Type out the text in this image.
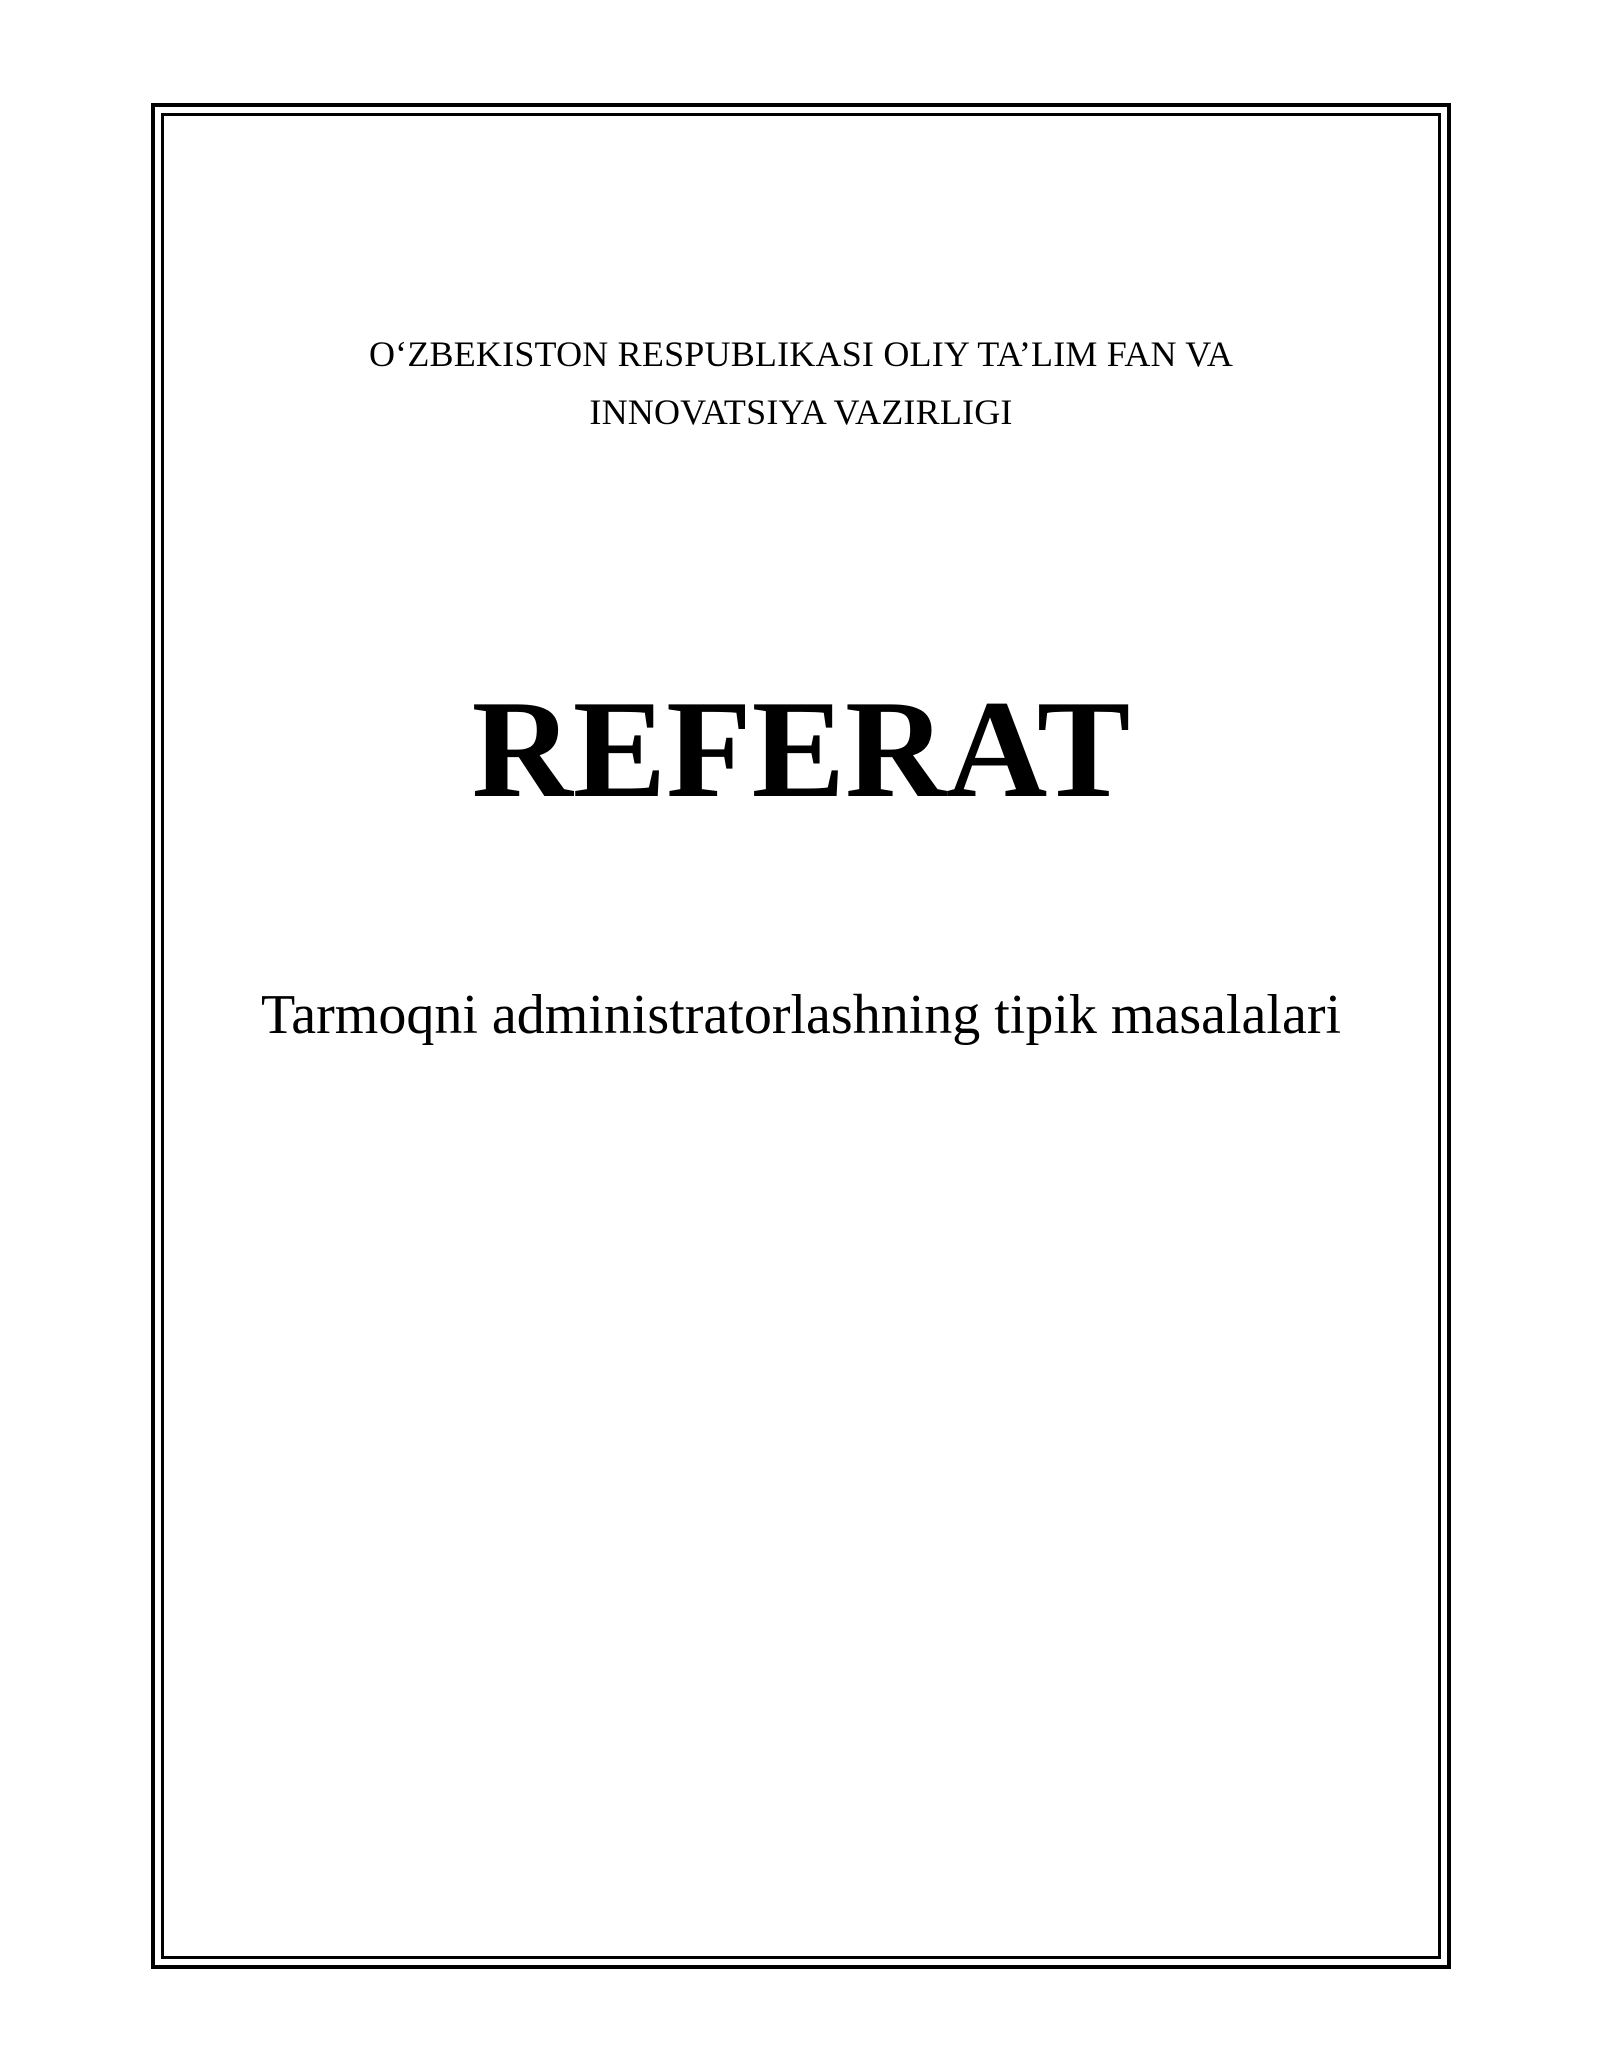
O‘ZBEKISTON RESPUBLIKASI OLIY TA’LIM FAN VA
INNOVATSIYA VAZIRLIGI
REFERAT
Tarmoqni administratorlashning tipik masalalari
